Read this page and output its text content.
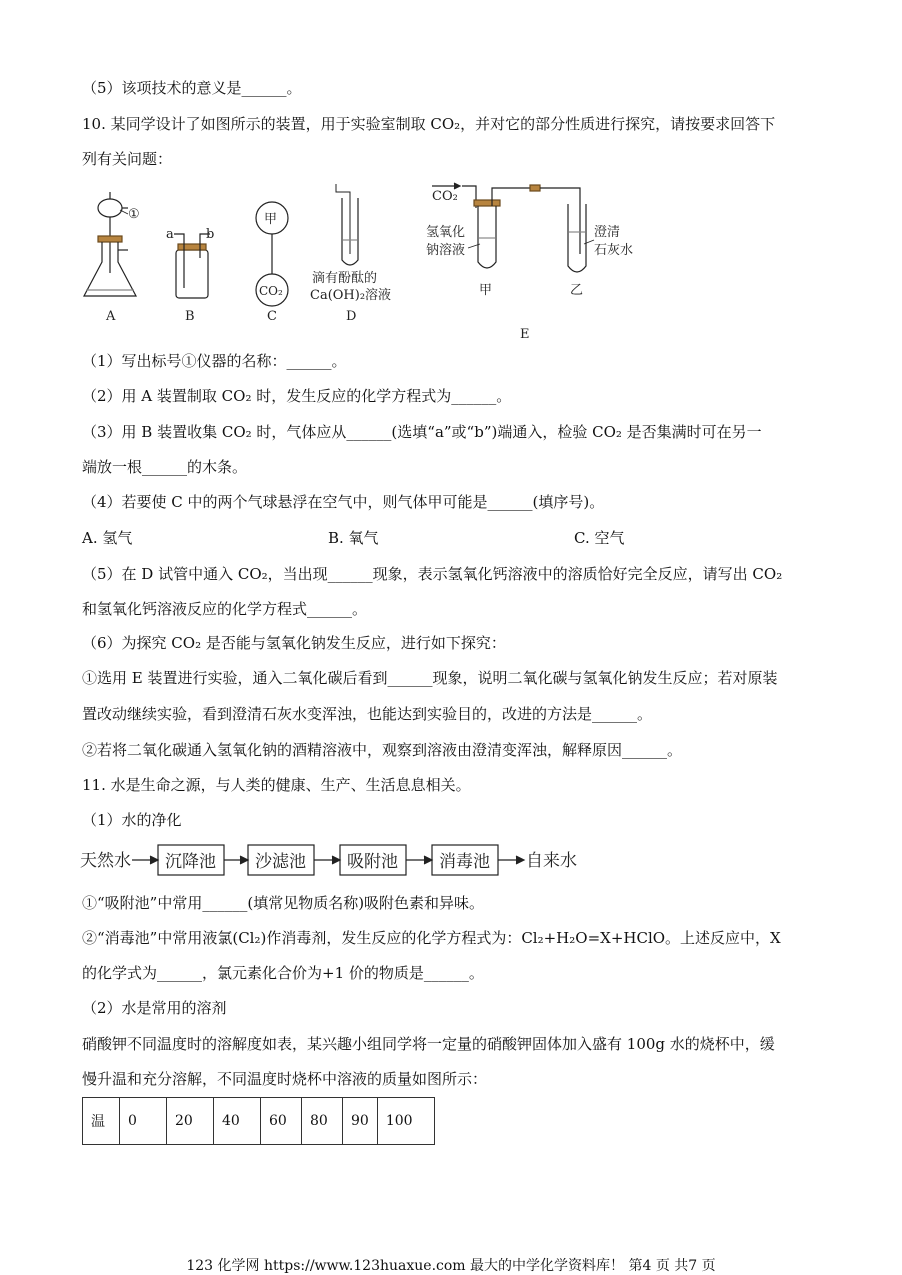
（5）该项技术的意义是______。
10. 某同学设计了如图所示的装置，用于实验室制取 CO₂，并对它的部分性质进行探究，请按要求回答下
列有关问题：
①
A
a b
B
甲
CO₂
C
滴有酚酞的
Ca(OH)₂溶液
D
CO₂
氢氧化
钠溶液
澄清
石灰水
甲	乙
E
（1）写出标号①仪器的名称：______。
（2）用 A 装置制取 CO₂ 时，发生反应的化学方程式为______。
（3）用 B 装置收集 CO₂ 时，气体应从______(选填“a”或“b”)端通入，检验 CO₂ 是否集满时可在另一
端放一根______的木条。
（4）若要使 C 中的两个气球悬浮在空气中，则气体甲可能是______(填序号)。
A. 氢气	B. 氧气	C. 空气
（5）在 D 试管中通入 CO₂，当出现______现象，表示氢氧化钙溶液中的溶质恰好完全反应，请写出 CO₂
和氢氧化钙溶液反应的化学方程式______。
（6）为探究 CO₂ 是否能与氢氧化钠发生反应，进行如下探究：
①选用 E 装置进行实验，通入二氧化碳后看到______现象，说明二氧化碳与氢氧化钠发生反应；若对原装
置改动继续实验，看到澄清石灰水变浑浊，也能达到实验目的，改进的方法是______。
②若将二氧化碳通入氢氧化钠的酒精溶液中，观察到溶液由澄清变浑浊，解释原因______。
11. 水是生命之源，与人类的健康、生产、生活息息相关。
（1）水的净化
天然水 沉降池 沙滤池 吸附池 消毒池 自来水
①“吸附池”中常用______(填常见物质名称)吸附色素和异味。
②“消毒池”中常用液氯(Cl₂)作消毒剂，发生反应的化学方程式为：Cl₂+H₂O=X+HClO。上述反应中，X
的化学式为______，氯元素化合价为+1 价的物质是______。
（2）水是常用的溶剂
硝酸钾不同温度时的溶解度如表，某兴趣小组同学将一定量的硝酸钾固体加入盛有 100g 水的烧杯中，缓
慢升温和充分溶解，不同温度时烧杯中溶液的质量如图所示：
温	0	20	40	60	80	90	100
123 化学网 https://www.123huaxue.com 最大的中学化学资料库！ 第4 页 共7 页
